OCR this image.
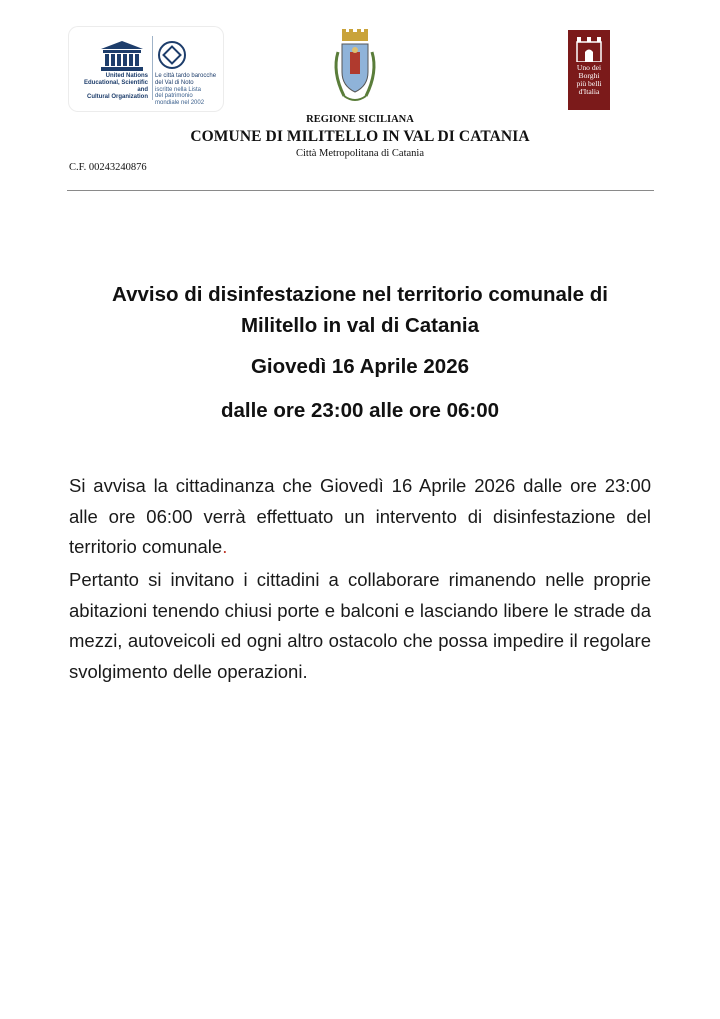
United Nations
Educational, Scientific and
Cultural Organization
Le città tardo barocche
del Val di Noto
iscritte nella Lista
del patrimonio
mondiale nel 2002
Uno dei
Borghi
più belli
d'Italia
REGIONE SICILIANA
COMUNE DI MILITELLO IN VAL DI CATANIA
Città Metropolitana di Catania
C.F. 00243240876
Avviso di disinfestazione nel territorio comunale di
Militello in val di Catania
Giovedì 16 Aprile 2026
dalle ore 23:00 alle ore 06:00
Si avvisa la cittadinanza che Giovedì 16 Aprile 2026 dalle ore 23:00 alle ore 06:00 verrà effettuato un intervento di disinfestazione del territorio comunale.
Pertanto si invitano i cittadini a collaborare rimanendo nelle proprie abitazioni tenendo chiusi porte e balconi e lasciando libere le strade da mezzi, autoveicoli ed ogni altro ostacolo che possa impedire il regolare svolgimento delle operazioni.
